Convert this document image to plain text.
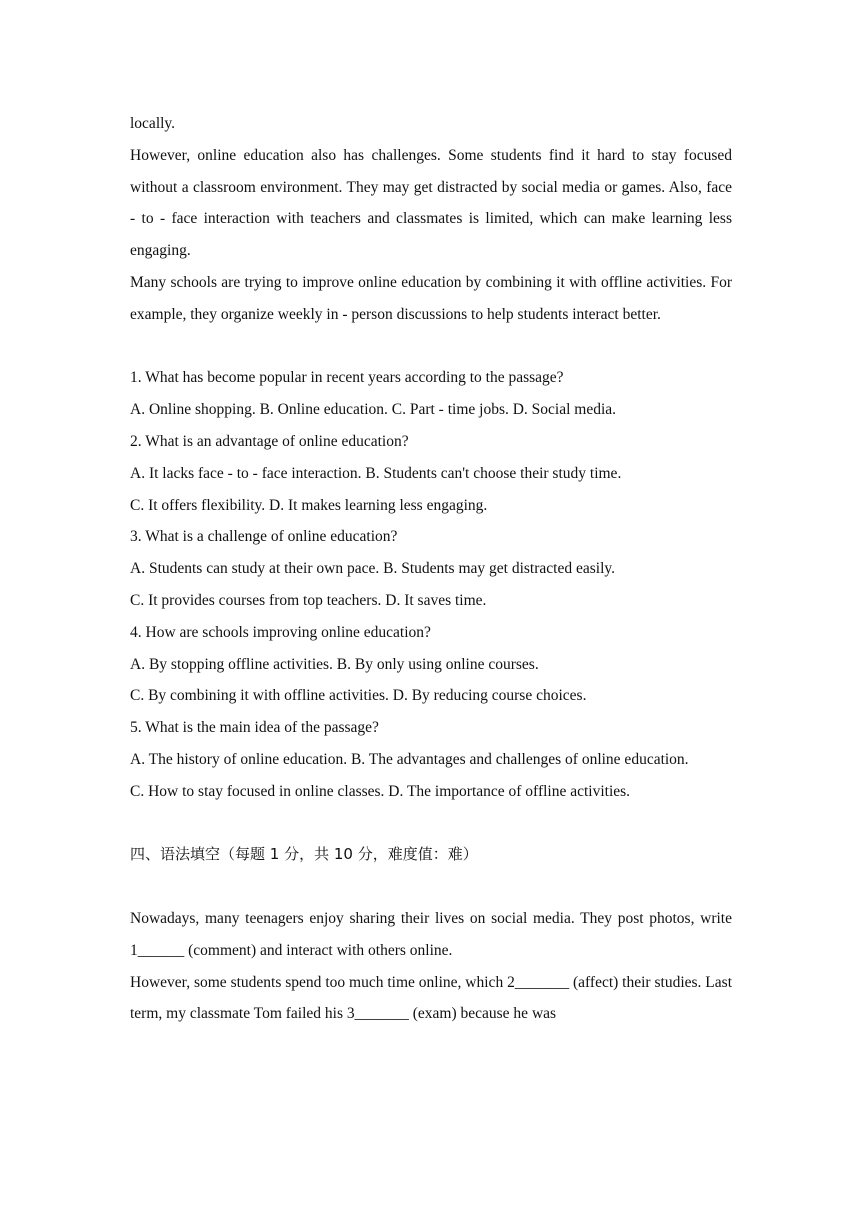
locally.

However, online education also has challenges. Some students find it hard to stay focused without a classroom environment. They may get distracted by social media or games. Also, face - to - face interaction with teachers and classmates is limited, which can make learning less engaging.

Many schools are trying to improve online education by combining it with offline activities. For example, they organize weekly in - person discussions to help students interact better.

1. What has become popular in recent years according to the passage?

A. Online shopping. B. Online education. C. Part - time jobs. D. Social media.

2. What is an advantage of online education?

A. It lacks face - to - face interaction. B. Students can't choose their study time.

C. It offers flexibility. D. It makes learning less engaging.

3. What is a challenge of online education?

A. Students can study at their own pace. B. Students may get distracted easily.

C. It provides courses from top teachers. D. It saves time.

4. How are schools improving online education?

A. By stopping offline activities. B. By only using online courses.

C. By combining it with offline activities. D. By reducing course choices.

5. What is the main idea of the passage?

A. The history of online education. B. The advantages and challenges of online education.

C. How to stay focused in online classes. D. The importance of offline activities.

四、语法填空（每题 1 分，共 10 分，难度值：难）

Nowadays, many teenagers enjoy sharing their lives on social media. They post photos, write 1______ (comment) and interact with others online.

However, some students spend too much time online, which 2_______ (affect) their studies. Last term, my classmate Tom failed his 3_______ (exam) because he was
